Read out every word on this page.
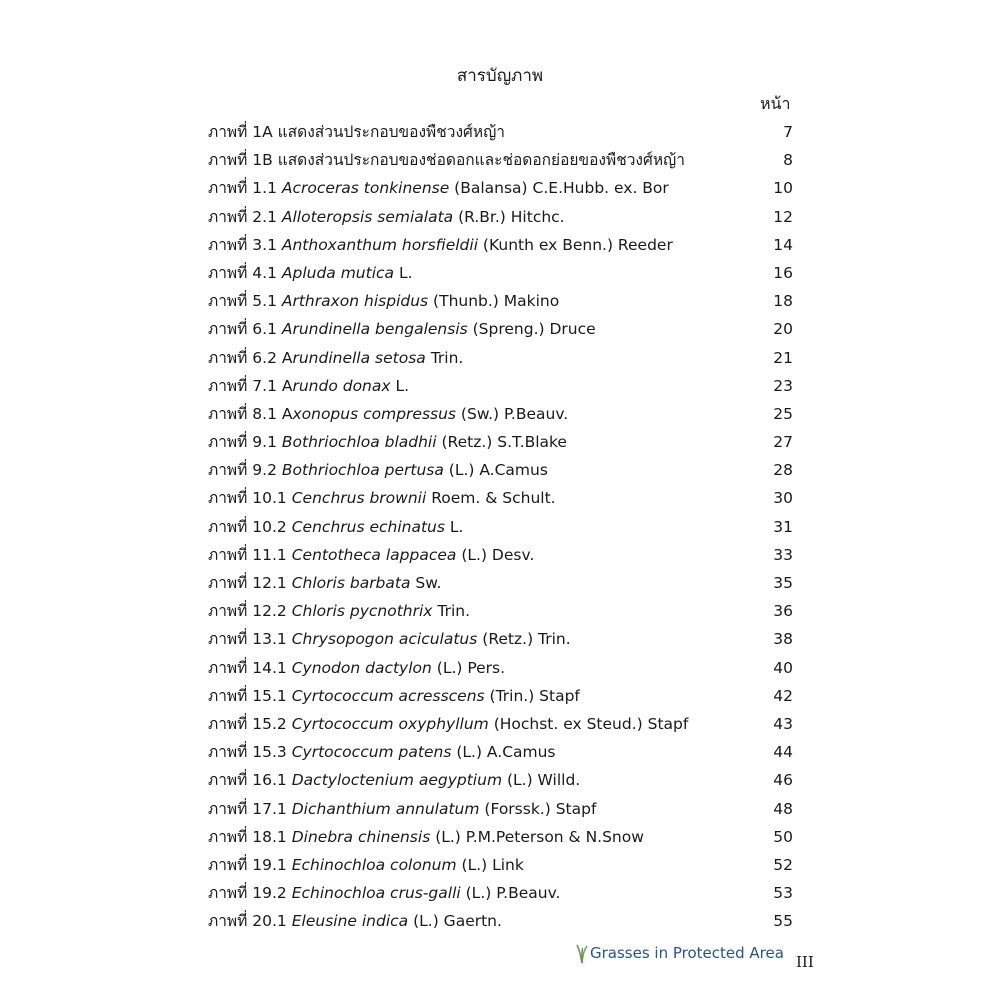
สารบัญภาพ
หน้า
ภาพที่ 1A แสดงส่วนประกอบของพืชวงศ์หญ้า	7
ภาพที่ 1B แสดงส่วนประกอบของช่อดอกและช่อดอกย่อยของพืชวงศ์หญ้า	8
ภาพที่ 1.1 Acroceras tonkinense (Balansa) C.E.Hubb. ex. Bor	10
ภาพที่ 2.1 Alloteropsis semialata (R.Br.) Hitchc.	12
ภาพที่ 3.1 Anthoxanthum horsfieldii (Kunth ex Benn.) Reeder	14
ภาพที่ 4.1 Apluda mutica L.	16
ภาพที่ 5.1 Arthraxon hispidus (Thunb.) Makino	18
ภาพที่ 6.1 Arundinella bengalensis (Spreng.) Druce	20
ภาพที่ 6.2 Arundinella setosa Trin.	21
ภาพที่ 7.1 Arundo donax L.	23
ภาพที่ 8.1 Axonopus compressus (Sw.) P.Beauv.	25
ภาพที่ 9.1 Bothriochloa bladhii (Retz.) S.T.Blake	27
ภาพที่ 9.2 Bothriochloa pertusa (L.) A.Camus	28
ภาพที่ 10.1 Cenchrus brownii Roem. & Schult.	30
ภาพที่ 10.2 Cenchrus echinatus L.	31
ภาพที่ 11.1 Centotheca lappacea (L.) Desv.	33
ภาพที่ 12.1 Chloris barbata Sw.	35
ภาพที่ 12.2 Chloris pycnothrix Trin.	36
ภาพที่ 13.1 Chrysopogon aciculatus (Retz.) Trin.	38
ภาพที่ 14.1 Cynodon dactylon (L.) Pers.	40
ภาพที่ 15.1 Cyrtococcum acresscens (Trin.) Stapf	42
ภาพที่ 15.2 Cyrtococcum oxyphyllum (Hochst. ex Steud.) Stapf	43
ภาพที่ 15.3 Cyrtococcum patens (L.) A.Camus	44
ภาพที่ 16.1 Dactyloctenium aegyptium (L.) Willd.	46
ภาพที่ 17.1 Dichanthium annulatum (Forssk.) Stapf	48
ภาพที่ 18.1 Dinebra chinensis (L.) P.M.Peterson & N.Snow	50
ภาพที่ 19.1 Echinochloa colonum (L.) Link	52
ภาพที่ 19.2 Echinochloa crus-galli (L.) P.Beauv.	53
ภาพที่ 20.1 Eleusine indica (L.) Gaertn.	55
Grasses in Protected Area III
